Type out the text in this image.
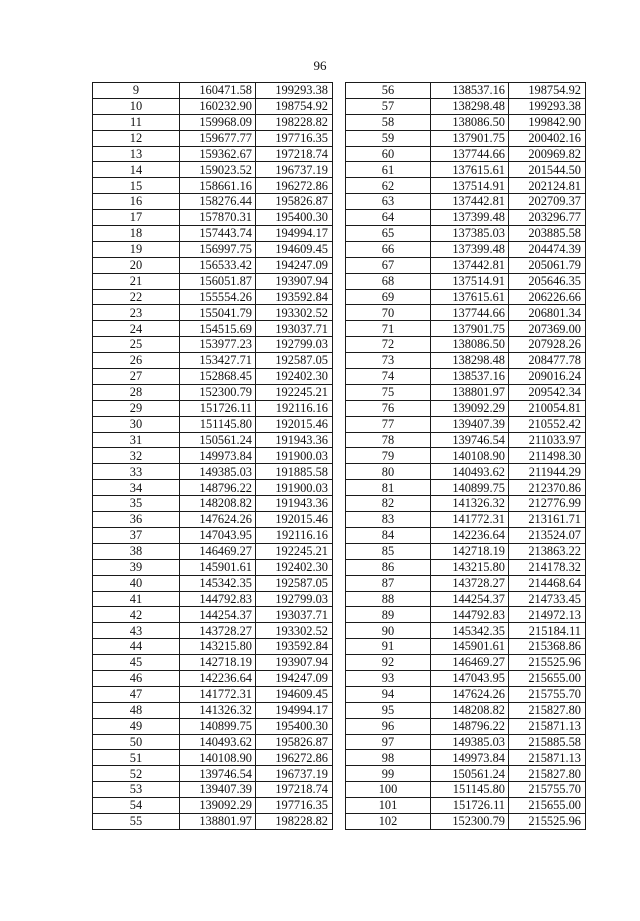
96
9	160471.58	199293.38
10	160232.90	198754.92
11	159968.09	198228.82
12	159677.77	197716.35
13	159362.67	197218.74
14	159023.52	196737.19
15	158661.16	196272.86
16	158276.44	195826.87
17	157870.31	195400.30
18	157443.74	194994.17
19	156997.75	194609.45
20	156533.42	194247.09
21	156051.87	193907.94
22	155554.26	193592.84
23	155041.79	193302.52
24	154515.69	193037.71
25	153977.23	192799.03
26	153427.71	192587.05
27	152868.45	192402.30
28	152300.79	192245.21
29	151726.11	192116.16
30	151145.80	192015.46
31	150561.24	191943.36
32	149973.84	191900.03
33	149385.03	191885.58
34	148796.22	191900.03
35	148208.82	191943.36
36	147624.26	192015.46
37	147043.95	192116.16
38	146469.27	192245.21
39	145901.61	192402.30
40	145342.35	192587.05
41	144792.83	192799.03
42	144254.37	193037.71
43	143728.27	193302.52
44	143215.80	193592.84
45	142718.19	193907.94
46	142236.64	194247.09
47	141772.31	194609.45
48	141326.32	194994.17
49	140899.75	195400.30
50	140493.62	195826.87
51	140108.90	196272.86
52	139746.54	196737.19
53	139407.39	197218.74
54	139092.29	197716.35
55	138801.97	198228.82
56	138537.16	198754.92
57	138298.48	199293.38
58	138086.50	199842.90
59	137901.75	200402.16
60	137744.66	200969.82
61	137615.61	201544.50
62	137514.91	202124.81
63	137442.81	202709.37
64	137399.48	203296.77
65	137385.03	203885.58
66	137399.48	204474.39
67	137442.81	205061.79
68	137514.91	205646.35
69	137615.61	206226.66
70	137744.66	206801.34
71	137901.75	207369.00
72	138086.50	207928.26
73	138298.48	208477.78
74	138537.16	209016.24
75	138801.97	209542.34
76	139092.29	210054.81
77	139407.39	210552.42
78	139746.54	211033.97
79	140108.90	211498.30
80	140493.62	211944.29
81	140899.75	212370.86
82	141326.32	212776.99
83	141772.31	213161.71
84	142236.64	213524.07
85	142718.19	213863.22
86	143215.80	214178.32
87	143728.27	214468.64
88	144254.37	214733.45
89	144792.83	214972.13
90	145342.35	215184.11
91	145901.61	215368.86
92	146469.27	215525.96
93	147043.95	215655.00
94	147624.26	215755.70
95	148208.82	215827.80
96	148796.22	215871.13
97	149385.03	215885.58
98	149973.84	215871.13
99	150561.24	215827.80
100	151145.80	215755.70
101	151726.11	215655.00
102	152300.79	215525.96
